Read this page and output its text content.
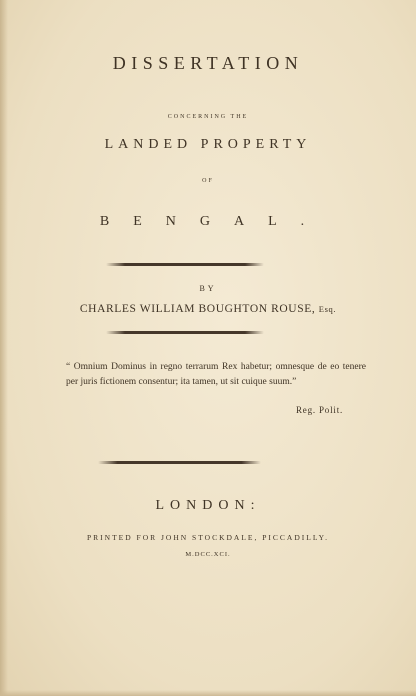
DISSERTATION
CONCERNING THE
LANDED PROPERTY
OF
BENGAL.
BY
CHARLES WILLIAM BOUGHTON ROUSE, Esq.
“ Omnium Dominus in regno terrarum Rex habetur; omnesque de eo tenere per juris fictionem consentur; ita tamen, ut sit cuique suum.”
Reg. Polit.
LONDON:
PRINTED FOR JOHN STOCKDALE, PICCADILLY.
M.DCC.XCI.
